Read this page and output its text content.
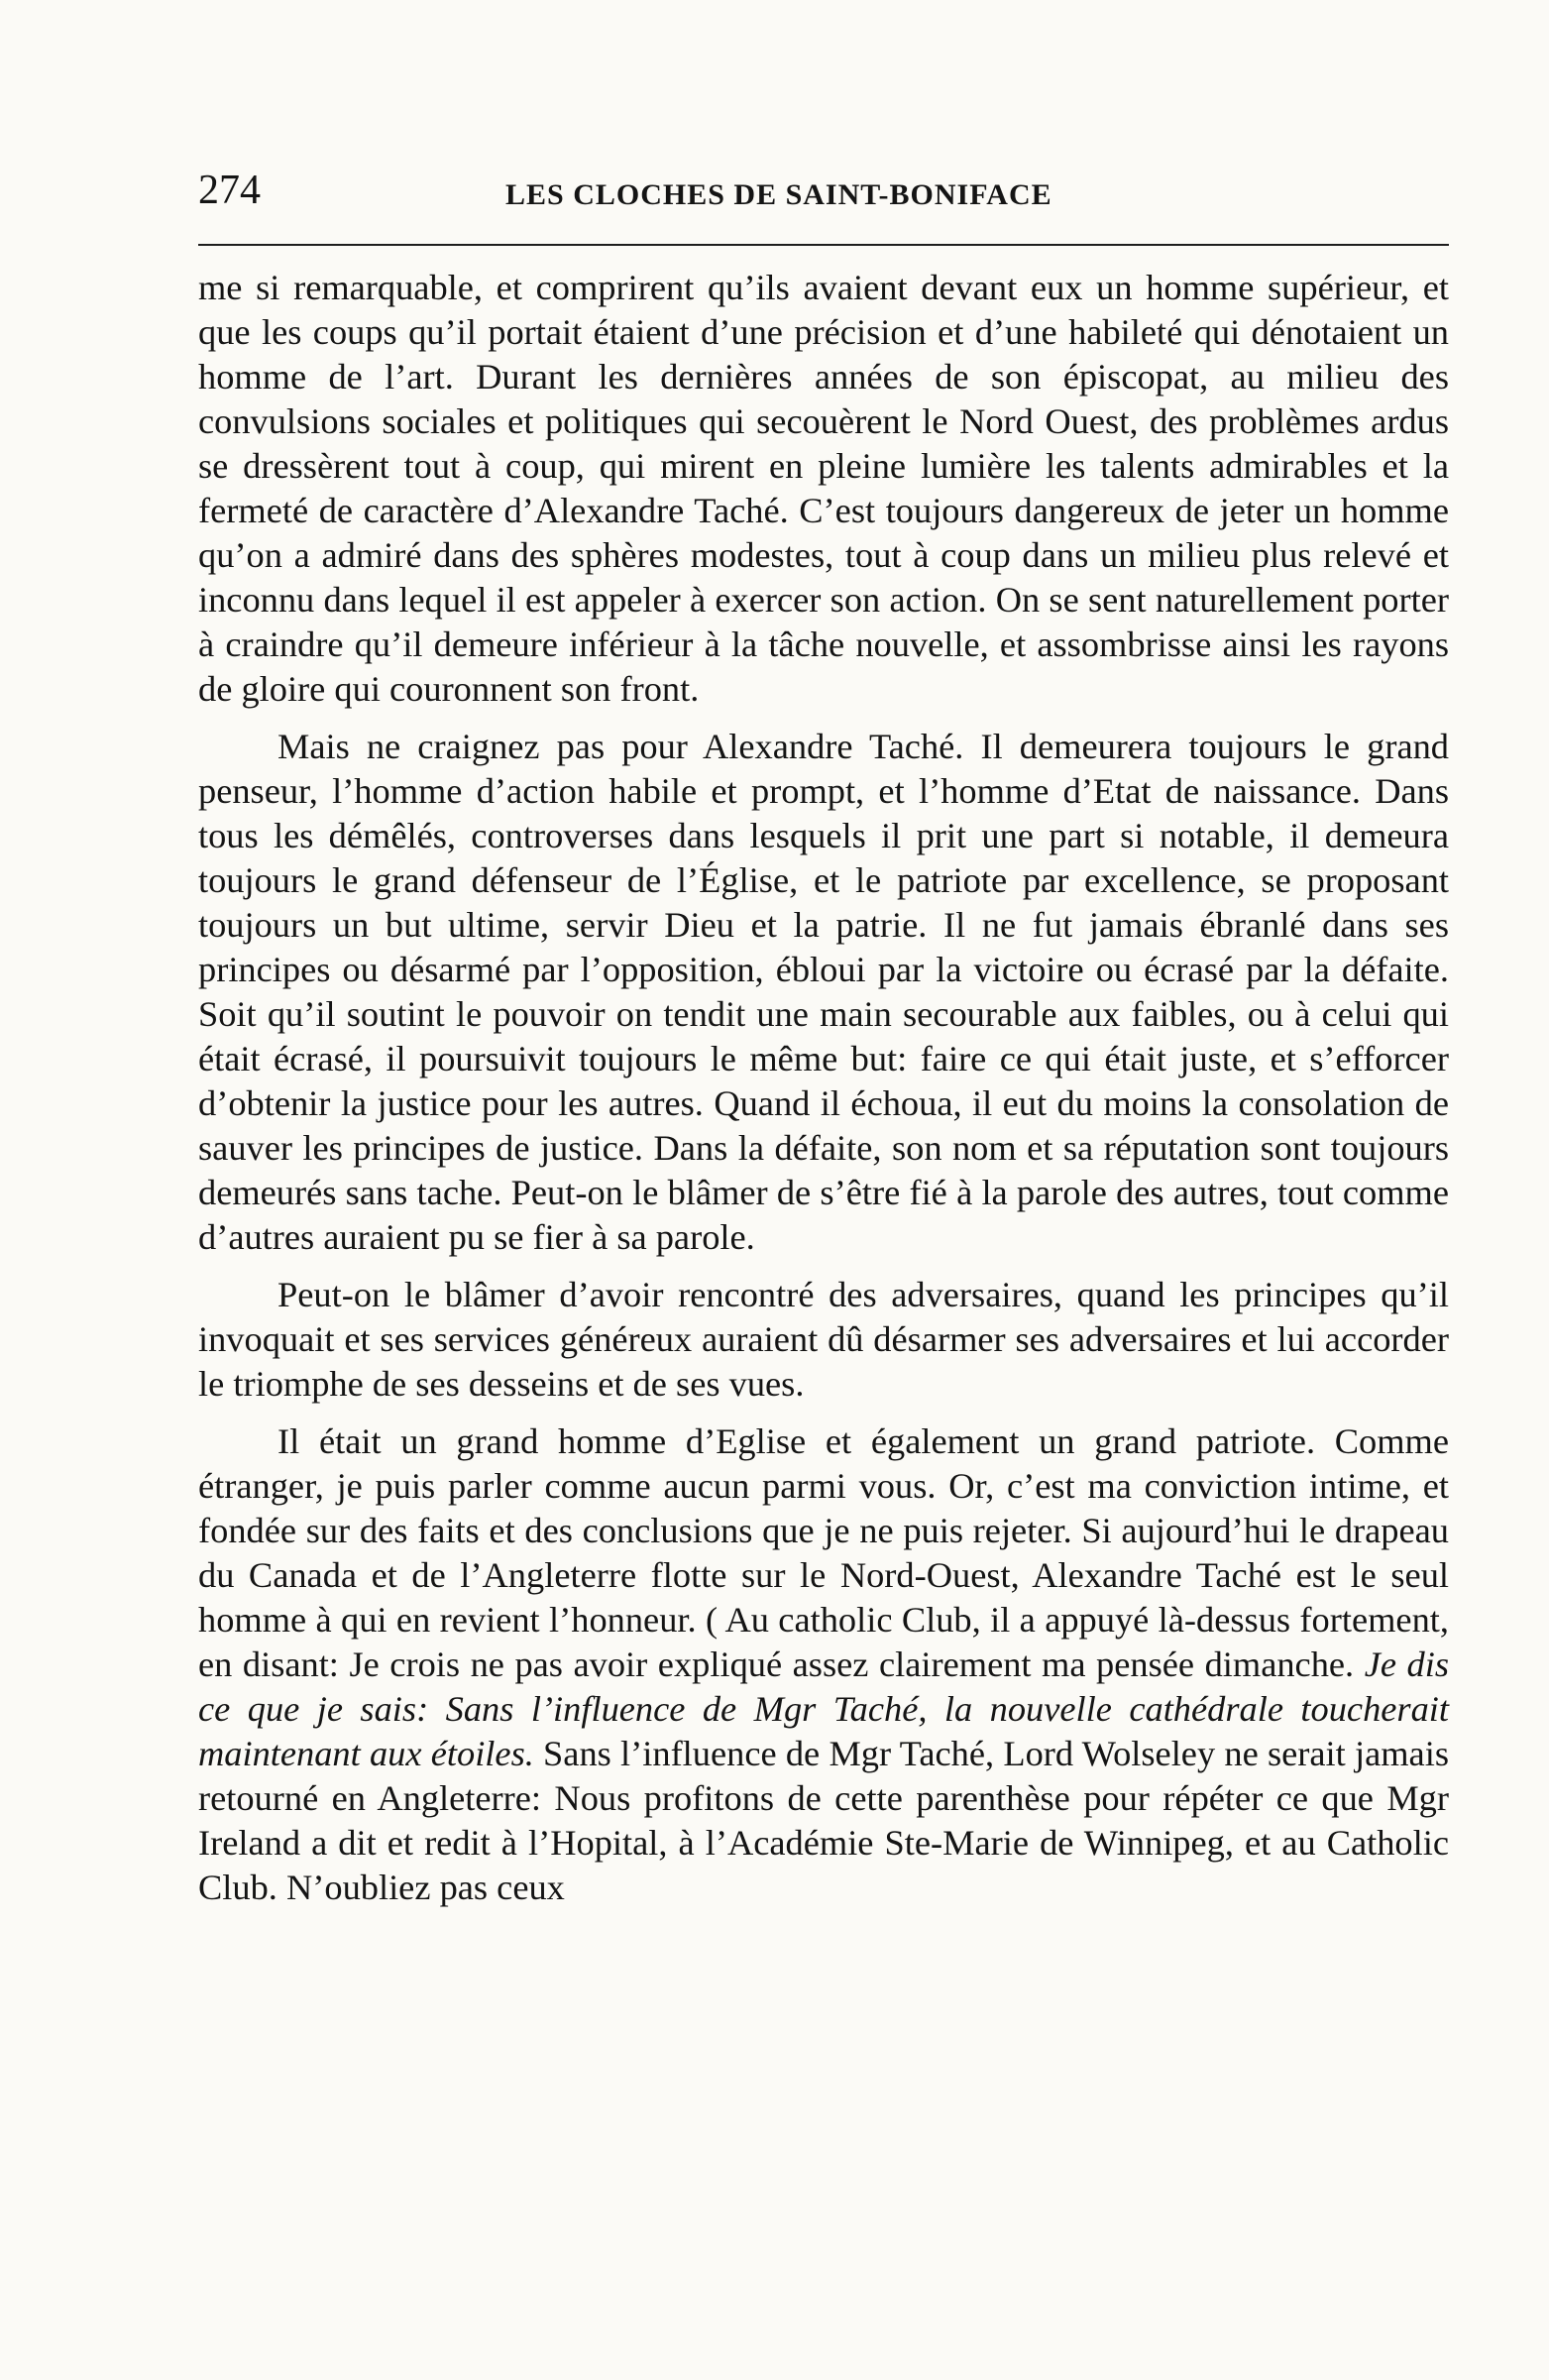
274	LES CLOCHES DE SAINT-BONIFACE

me si remarquable, et comprirent qu’ils avaient devant eux un homme supérieur, et que les coups qu’il portait étaient d’une précision et d’une habileté qui dénotaient un homme de l’art. Durant les dernières années de son épiscopat, au milieu des convulsions sociales et politiques qui secouèrent le Nord Ouest, des problèmes ardus se dressèrent tout à coup, qui mirent en pleine lumière les talents admirables et la fermeté de caractère d’Alexandre Taché. C’est toujours dangereux de jeter un homme qu’on a admiré dans des sphères modestes, tout à coup dans un milieu plus relevé et inconnu dans lequel il est appeler à exercer son action. On se sent naturellement porter à craindre qu’il demeure inférieur à la tâche nouvelle, et assombrisse ainsi les rayons de gloire qui couronnent son front.

Mais ne craignez pas pour Alexandre Taché. Il demeurera toujours le grand penseur, l’homme d’action habile et prompt, et l’homme d’Etat de naissance. Dans tous les démêlés, controverses dans lesquels il prit une part si notable, il demeura toujours le grand défenseur de l’Église, et le patriote par excellence, se proposant toujours un but ultime, servir Dieu et la patrie. Il ne fut jamais ébranlé dans ses principes ou désarmé par l’opposition, ébloui par la victoire ou écrasé par la défaite. Soit qu’il soutint le pouvoir on tendit une main secourable aux faibles, ou à celui qui était écrasé, il poursuivit toujours le même but: faire ce qui était juste, et s’efforcer d’obtenir la justice pour les autres. Quand il échoua, il eut du moins la consolation de sauver les principes de justice. Dans la défaite, son nom et sa réputation sont toujours demeurés sans tache. Peut-on le blâmer de s’être fié à la parole des autres, tout comme d’autres auraient pu se fier à sa parole.

Peut-on le blâmer d’avoir rencontré des adversaires, quand les principes qu’il invoquait et ses services généreux auraient dû désarmer ses adversaires et lui accorder le triomphe de ses desseins et de ses vues.

Il était un grand homme d’Eglise et également un grand patriote. Comme étranger, je puis parler comme aucun parmi vous. Or, c’est ma conviction intime, et fondée sur des faits et des conclusions que je ne puis rejeter. Si aujourd’hui le drapeau du Canada et de l’Angleterre flotte sur le Nord-Ouest, Alexandre Taché est le seul homme à qui en revient l’honneur. ( Au catholic Club, il a appuyé là-dessus fortement, en disant: Je crois ne pas avoir expliqué assez clairement ma pensée dimanche. Je dis ce que je sais: Sans l’influence de Mgr Taché, la nouvelle cathédrale toucherait maintenant aux étoiles. Sans l’influence de Mgr Taché, Lord Wolseley ne serait jamais retourné en Angleterre: Nous profitons de cette parenthèse pour répéter ce que Mgr Ireland a dit et redit à l’Hopital, à l’Académie Ste-Marie de Winnipeg, et au Catholic Club. N’oubliez pas ceux
